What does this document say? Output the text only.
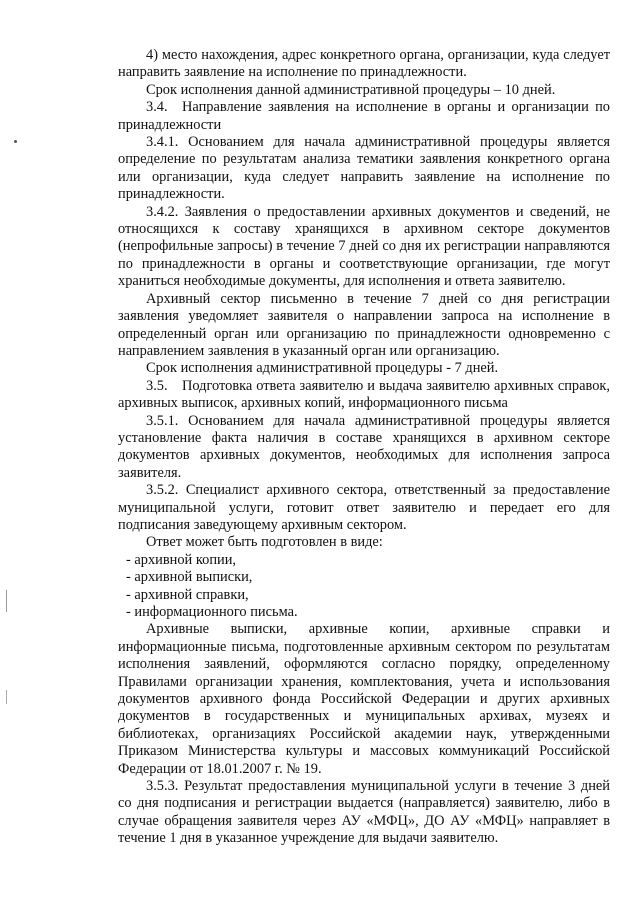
4) место нахождения, адрес конкретного органа, организации, куда следует направить заявление на исполнение по принадлежности.

Срок исполнения данной административной процедуры – 10 дней.

3.4. Направление заявления на исполнение в органы и организации по принадлежности

3.4.1. Основанием для начала административной процедуры является определение по результатам анализа тематики заявления конкретного органа или организации, куда следует направить заявление на исполнение по принадлежности.

3.4.2. Заявления о предоставлении архивных документов и сведений, не относящихся к составу хранящихся в архивном секторе документов (непрофильные запросы) в течение 7 дней со дня их регистрации направляются по принадлежности в органы и соответствующие организации, где могут храниться необходимые документы, для исполнения и ответа заявителю.

Архивный сектор письменно в течение 7 дней со дня регистрации заявления уведомляет заявителя о направлении запроса на исполнение в определенный орган или организацию по принадлежности одновременно с направлением заявления в указанный орган или организацию.

Срок исполнения административной процедуры - 7 дней.

3.5. Подготовка ответа заявителю и выдача заявителю архивных справок, архивных выписок, архивных копий, информационного письма

3.5.1. Основанием для начала административной процедуры является установление факта наличия в составе хранящихся в архивном секторе документов архивных документов, необходимых для исполнения запроса заявителя.

3.5.2. Специалист архивного сектора, ответственный за предоставление муниципальной услуги, готовит ответ заявителю и передает его для подписания заведующему архивным сектором.

Ответ может быть подготовлен в виде:

- архивной копии,

- архивной выписки,

- архивной справки,

- информационного письма.

Архивные выписки, архивные копии, архивные справки и информационные письма, подготовленные архивным сектором по результатам исполнения заявлений, оформляются согласно порядку, определенному Правилами организации хранения, комплектования, учета и использования документов архивного фонда Российской Федерации и других архивных документов в государственных и муниципальных архивах, музеях и библиотеках, организациях Российской академии наук, утвержденными Приказом Министерства культуры и массовых коммуникаций Российской Федерации от 18.01.2007 г. № 19.

3.5.3. Результат предоставления муниципальной услуги в течение 3 дней со дня подписания и регистрации выдается (направляется) заявителю, либо в случае обращения заявителя через АУ «МФЦ», ДО АУ «МФЦ» направляет в течение 1 дня в указанное учреждение для выдачи заявителю.
